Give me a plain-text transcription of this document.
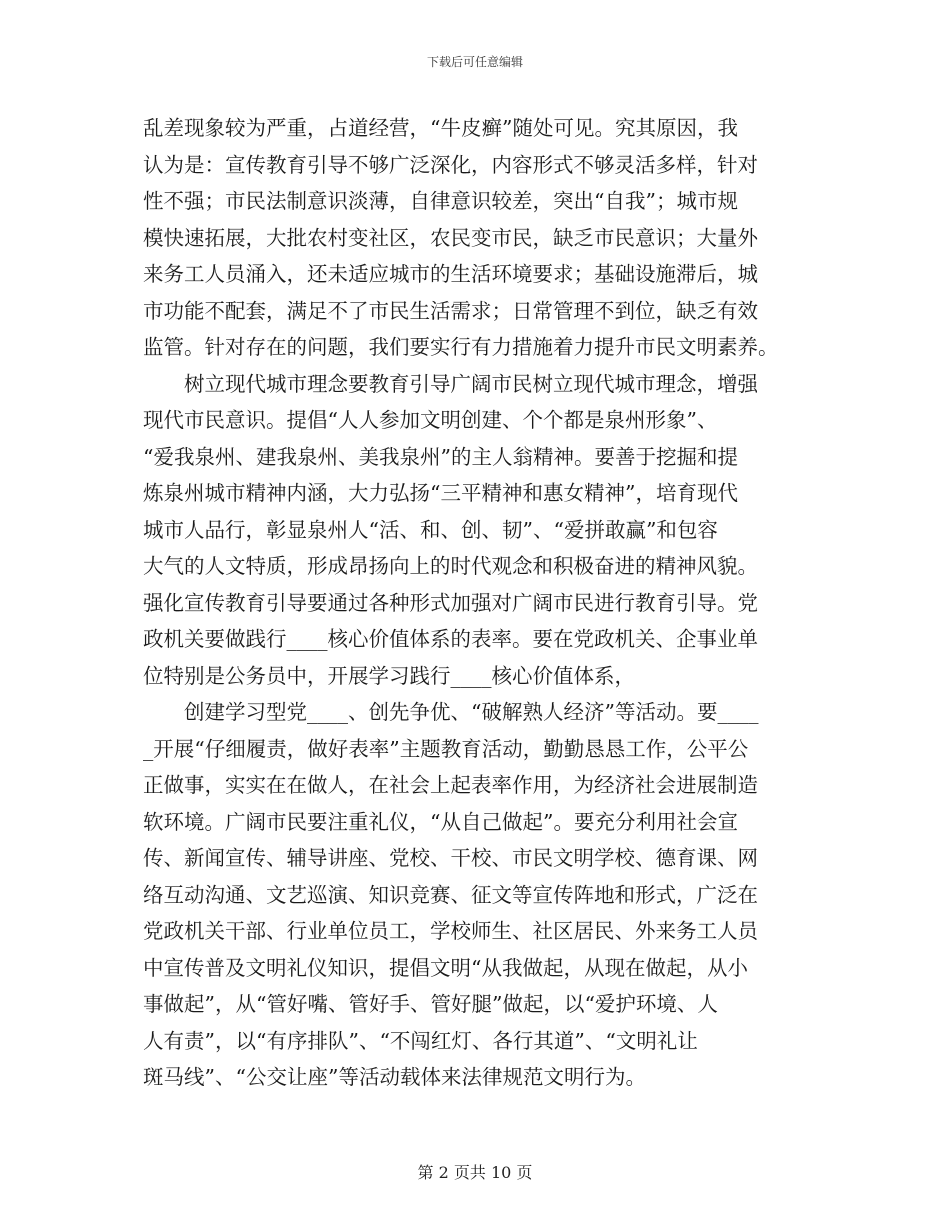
下载后可任意编辑
乱差现象较为严重，占道经营，“牛皮癣”随处可见。究其原因，我
认为是：宣传教育引导不够广泛深化，内容形式不够灵活多样，针对
性不强；市民法制意识淡薄，自律意识较差，突出“自我”；城市规
模快速拓展，大批农村变社区，农民变市民，缺乏市民意识；大量外
来务工人员涌入，还未适应城市的生活环境要求；基础设施滞后，城
市功能不配套，满足不了市民生活需求；日常管理不到位，缺乏有效
监管。针对存在的问题，我们要实行有力措施着力提升市民文明素养。
树立现代城市理念要教育引导广阔市民树立现代城市理念，增强
现代市民意识。提倡“人人参加文明创建、个个都是泉州形象”、
“爱我泉州、建我泉州、美我泉州”的主人翁精神。要善于挖掘和提
炼泉州城市精神内涵，大力弘扬“三平精神和惠女精神”，培育现代
城市人品行，彰显泉州人“活、和、创、韧”、“爱拼敢赢”和包容
大气的人文特质，形成昂扬向上的时代观念和积极奋进的精神风貌。
强化宣传教育引导要通过各种形式加强对广阔市民进行教育引导。党
政机关要做践行____核心价值体系的表率。要在党政机关、企事业单
位特别是公务员中，开展学习践行____核心价值体系，
创建学习型党____、创先争优、“破解熟人经济”等活动。要____
_开展“仔细履责，做好表率”主题教育活动，勤勤恳恳工作，公平公
正做事，实实在在做人，在社会上起表率作用，为经济社会进展制造
软环境。广阔市民要注重礼仪，“从自己做起”。要充分利用社会宣
传、新闻宣传、辅导讲座、党校、干校、市民文明学校、德育课、网
络互动沟通、文艺巡演、知识竞赛、征文等宣传阵地和形式，广泛在
党政机关干部、行业单位员工，学校师生、社区居民、外来务工人员
中宣传普及文明礼仪知识，提倡文明“从我做起，从现在做起，从小
事做起”，从“管好嘴、管好手、管好腿”做起，以“爱护环境、人
人有责”，以“有序排队”、“不闯红灯、各行其道”、“文明礼让
斑马线”、“公交让座”等活动载体来法律规范文明行为。
第 2 页共 10 页
